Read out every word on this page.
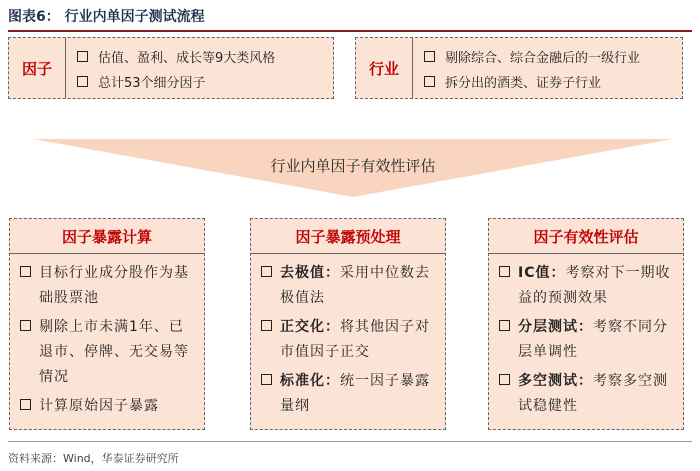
图表6： 行业内单因子测试流程
因子
估值、盈利、成长等9大类风格
总计53个细分因子
行业
剔除综合、综合金融后的一级行业
拆分出的酒类、证券子行业
行业内单因子有效性评估
因子暴露计算
目标行业成分股作为基础股票池
剔除上市未满1年、已退市、停牌、无交易等情况
计算原始因子暴露
因子暴露预处理
去极值：采用中位数去极值法
正交化：将其他因子对市值因子正交
标准化：统一因子暴露量纲
因子有效性评估
IC值：考察对下一期收益的预测效果
分层测试：考察不同分层单调性
多空测试：考察多空测试稳健性
资料来源：Wind，华泰证券研究所
